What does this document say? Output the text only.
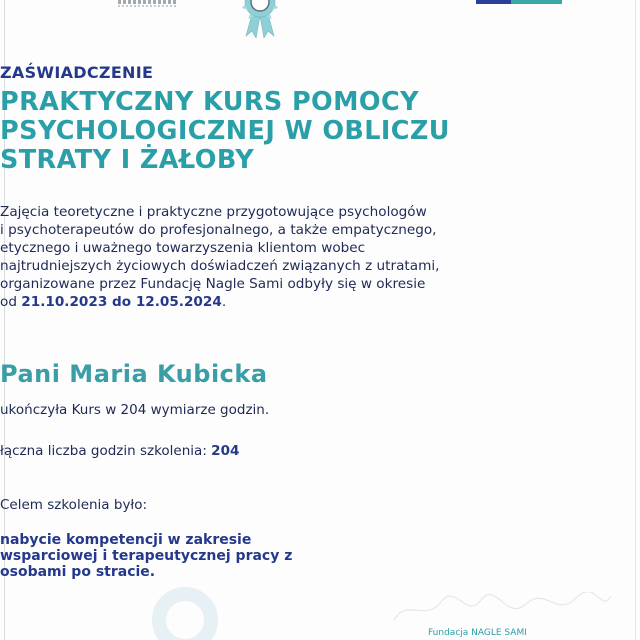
ZAŚWIADCZENIE
PRAKTYCZNY KURS POMOCY
PSYCHOLOGICZNEJ W OBLICZU
STRATY I ŻAŁOBY
Zajęcia teoretyczne i praktyczne przygotowujące psychologów
i psychoterapeutów do profesjonalnego, a także empatycznego,
etycznego i uważnego towarzyszenia klientom wobec
najtrudniejszych życiowych doświadczeń związanych z utratami,
organizowane przez Fundację Nagle Sami odbyły się w okresie
od 21.10.2023 do 12.05.2024.
Pani Maria Kubicka
ukończyła Kurs w 204 wymiarze godzin.
łączna liczba godzin szkolenia: 204
Celem szkolenia było:
nabycie kompetencji w zakresie
wsparciowej i terapeutycznej pracy z
osobami po stracie.
Fundacja NAGLE SAMI
